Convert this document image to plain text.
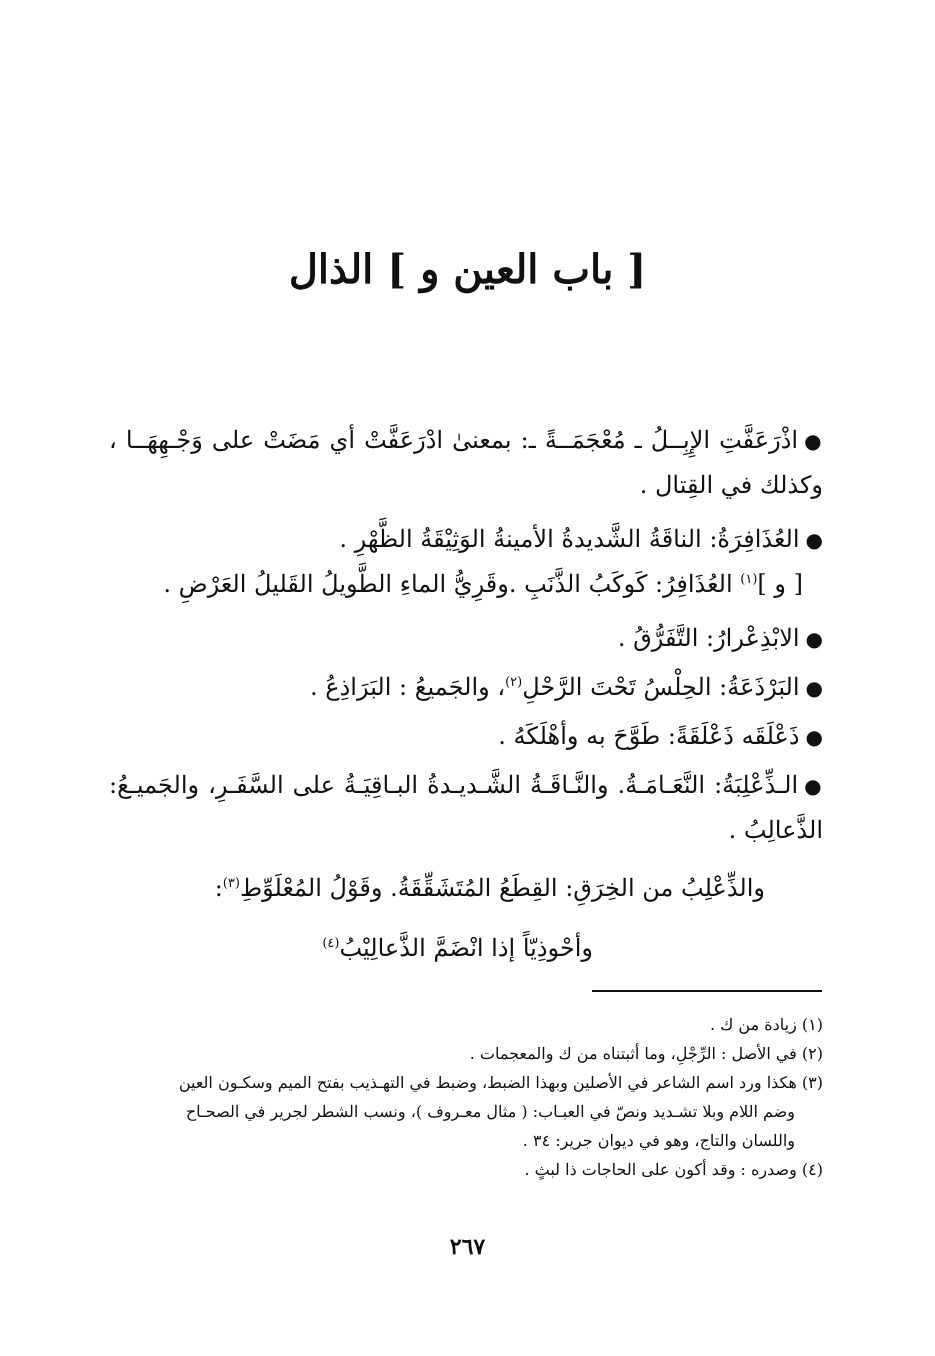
[ باب العين و ] الذال

●اذْرَعَفَّتِ الإِبِــلُ ـ مُعْجَمَــةً ـ: بمعنىٰ ادْرَعَفَّتْ أي مَضَتْ على وَجْـهِهَــا ، وكذلك في القِتال .

●العُذَافِرَةُ: الناقَةُ الشَّديدةُ الأمينةُ الوَثِيْقَةُ الظَّهْرِ .

[ و ]$^{(١)}$ العُذَافِرُ: كَوكَبُ الذَّنَبِ .وقَرِيُّ الماءِ الطَّويلُ القَليلُ العَرْضِ .

●الابْذِعْرارُ: التَّفَرُّقُ .

●البَرْذَعَةُ: الحِلْسُ تَحْتَ الرَّحْلِ$^{(٢)}$، والجَميعُ : البَرَاذِعُ .

●ذَعْلَقَه ذَعْلَقَةً: طَوَّحَ به وأهْلَكَهُ .

●الـذِّعْلِبَةُ: النَّعَـامَـةُ. والنَّـاقَـةُ الشَّـديـدةُ البـاقِيَـةُ على السَّفَـرِ، والجَميـعُ: الذَّعالِبُ .

والذِّعْلِبُ من الخِرَقِ: القِطَعُ المُتَشَقِّقَةُ. وقَوْلُ المُعْلَوِّطِ$^{(٣)}$:

وأحْوذِيّاً إذا انْضَمَّ الذَّعالِيْبُ$^{(٤)}$

(١) زيادة من ك .

(٢) في الأصل : الرِّجْلِ، وما أثبتناه من ك والمعجمات .

(٣) هكذا ورد اسم الشاعر في الأصلين وبهذا الضبط، وضبط في التهـذيب بفتح الميم وسكـون العين

وضم اللام وبلا تشـديد ونصّ في العبـاب: ( مثال معـروف )، ونسب الشطر لجرير في الصحـاح

واللسان والتاج، وهو في ديوان جرير: ٣٤ .

(٤) وصدره : وقد أكون على الحاجات ذا لبثٍ .

٢٦٧
